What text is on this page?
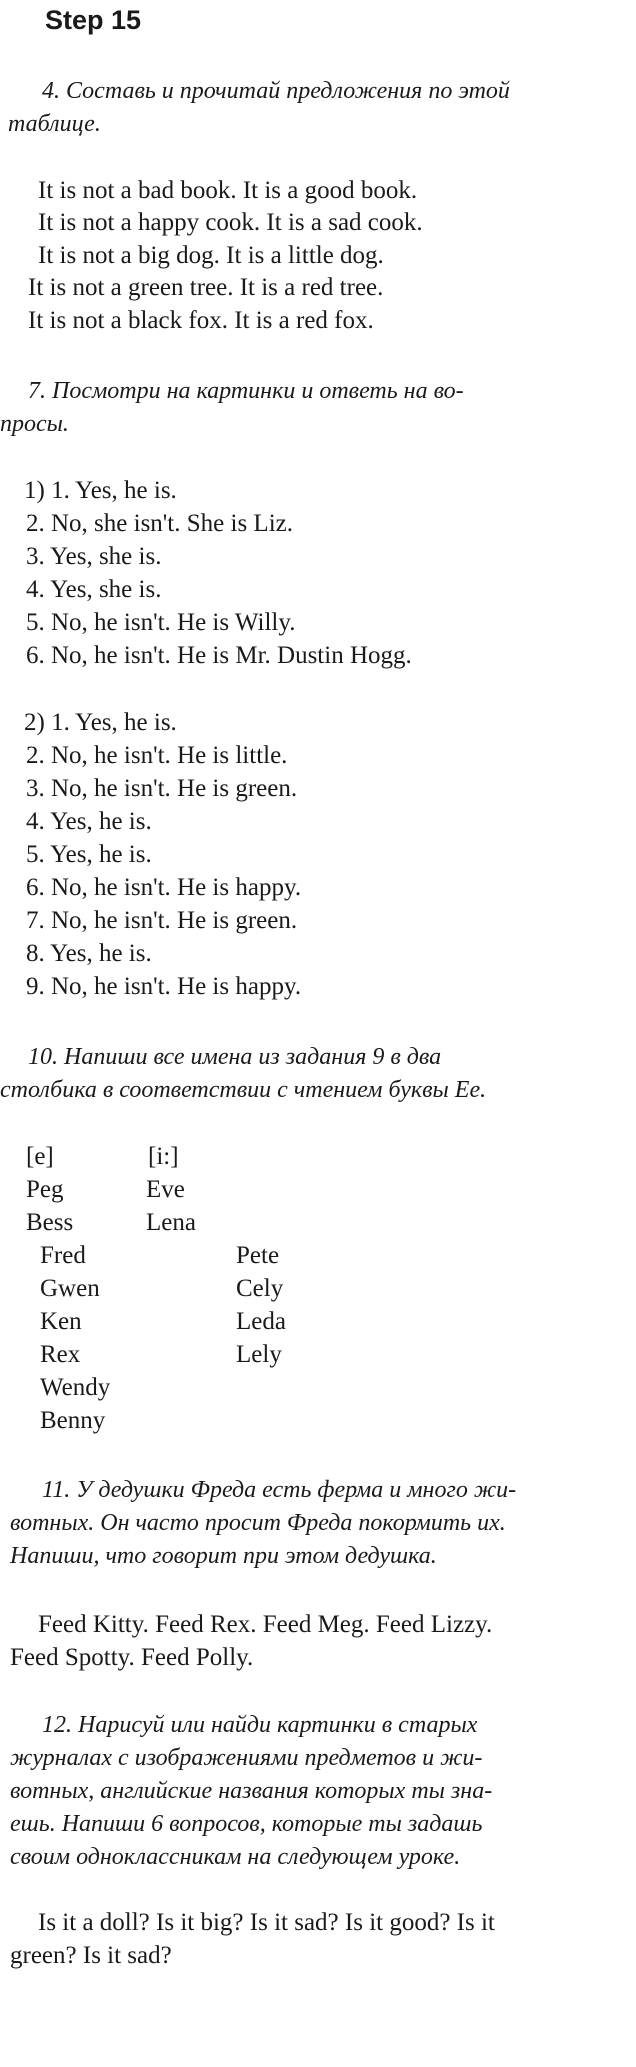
Step 15
4. Составь и прочитай предложения по этой
таблице.
It is not a bad book. It is a good book.
It is not a happy cook. It is a sad cook.
It is not a big dog. It is a little dog.
It is not a green tree. It is a red tree.
It is not a black fox. It is a red fox.
7. Посмотри на картинки и ответь на во-
просы.
1) 1. Yes, he is.
2. No, she isn't. She is Liz.
3. Yes, she is.
4. Yes, she is.
5. No, he isn't. He is Willy.
6. No, he isn't. He is Mr. Dustin Hogg.
2) 1. Yes, he is.
2. No, he isn't. He is little.
3. No, he isn't. He is green.
4. Yes, he is.
5. Yes, he is.
6. No, he isn't. He is happy.
7. No, he isn't. He is green.
8. Yes, he is.
9. No, he isn't. He is happy.
10. Напиши все имена из задания 9 в два
столбика в соответствии с чтением буквы Ee.
[e]	[i:]
Peg	Eve
Bess	Lena
Fred	Pete
Gwen	Cely
Ken	Leda
Rex	Lely
Wendy
Benny
11. У дедушки Фреда есть ферма и много жи-
вотных. Он часто просит Фреда покормить их.
Напиши, что говорит при этом дедушка.
Feed Kitty. Feed Rex. Feed Meg. Feed Lizzy.
Feed Spotty. Feed Polly.
12. Нарисуй или найди картинки в старых
журналах с изображениями предметов и жи-
вотных, английские названия которых ты зна-
ешь. Напиши 6 вопросов, которые ты задашь
своим одноклассникам на следующем уроке.
Is it a doll? Is it big? Is it sad? Is it good? Is it
green? Is it sad?
